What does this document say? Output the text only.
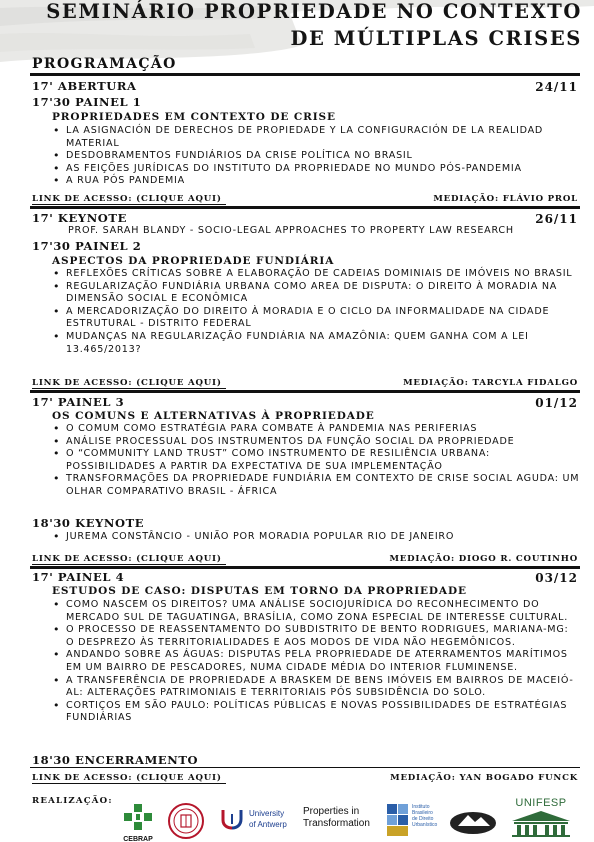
SEMINÁRIO PROPRIEDADE NO CONTEXTO
DE MÚLTIPLAS CRISES
PROGRAMAÇÃO
17' ABERTURA	24/11
17'30 PAINEL 1
PROPRIEDADES EM CONTEXTO DE CRISE
• LA ASIGNACIÓN DE DERECHOS DE PROPIEDADE Y LA CONFIGURACIÓN DE LA REALIDAD MATERIAL
• DESDOBRAMENTOS FUNDIÁRIOS DA CRISE POLÍTICA NO BRASIL
• AS FEIÇÕES JURÍDICAS DO INSTITUTO DA PROPRIEDADE NO MUNDO PÓS-PANDEMIA
• A RUA PÓS PANDEMIA
LINK DE ACESSO: (CLIQUE AQUI)	MEDIAÇÃO: FLÁVIO PROL
17' KEYNOTE	26/11
PROF. SARAH BLANDY - SOCIO-LEGAL APPROACHES TO PROPERTY LAW RESEARCH
17'30 PAINEL 2
ASPECTOS DA PROPRIEDADE FUNDIÁRIA
• REFLEXÕES CRÍTICAS SOBRE A ELABORAÇÃO DE CADEIAS DOMINIAIS DE IMÓVEIS NO BRASIL
• REGULARIZAÇÃO FUNDIÁRIA URBANA COMO AREA DE DISPUTA: O DIREITO À MORADIA NA DIMENSÃO SOCIAL E ECONÔMICA
• A MERCADORIZAÇÃO DO DIREITO À MORADIA E O CICLO DA INFORMALIDADE NA CIDADE ESTRUTURAL - DISTRITO FEDERAL
• MUDANÇAS NA REGULARIZAÇÃO FUNDIÁRIA NA AMAZÔNIA: QUEM GANHA COM A LEI 13.465/2013?
LINK DE ACESSO: (CLIQUE AQUI)	MEDIAÇÃO: TARCYLA FIDALGO
17' PAINEL 3	01/12
OS COMUNS E ALTERNATIVAS À PROPRIEDADE
• O COMUM COMO ESTRATÉGIA PARA COMBATE À PANDEMIA NAS PERIFERIAS
• ANÁLISE PROCESSUAL DOS INSTRUMENTOS DA FUNÇÃO SOCIAL DA PROPRIEDADE
• O “COMMUNITY LAND TRUST” COMO INSTRUMENTO DE RESILIÊNCIA URBANA: POSSIBILIDADES A PARTIR DA EXPECTATIVA DE SUA IMPLEMENTAÇÃO
• TRANSFORMAÇÕES DA PROPRIEDADE FUNDIÁRIA EM CONTEXTO DE CRISE SOCIAL AGUDA: UM OLHAR COMPARATIVO BRASIL - ÁFRICA
18'30 KEYNOTE
• JUREMA CONSTÂNCIO - UNIÃO POR MORADIA POPULAR RIO DE JANEIRO
LINK DE ACESSO: (CLIQUE AQUI)	MEDIAÇÃO: DIOGO R. COUTINHO
17' PAINEL 4	03/12
ESTUDOS DE CASO: DISPUTAS EM TORNO DA PROPRIEDADE
• COMO NASCEM OS DIREITOS? UMA ANÁLISE SOCIOJURÍDICA DO RECONHECIMENTO DO MERCADO SUL DE TAGUATINGA, BRASÍLIA, COMO ZONA ESPECIAL DE INTERESSE CULTURAL.
• O PROCESSO DE REASSENTAMENTO DO SUBDISTRITO DE BENTO RODRIGUES, MARIANA-MG: O DESPREZO ÀS TERRITORIALIDADES E AOS MODOS DE VIDA NÃO HEGEMÔNICOS.
• ANDANDO SOBRE AS ÁGUAS: DISPUTAS PELA PROPRIEDADE DE ATERRAMENTOS MARÍTIMOS EM UM BAIRRO DE PESCADORES, NUMA CIDADE MÉDIA DO INTERIOR FLUMINENSE.
• A TRANSFERÊNCIA DE PROPRIEDADE A BRASKEM DE BENS IMÓVEIS EM BAIRROS DE MACEIÓ-AL: ALTERAÇÕES PATRIMONIAIS E TERRITORIAIS PÓS SUBSIDÊNCIA DO SOLO.
• CORTIÇOS EM SÃO PAULO: POLÍTICAS PÚBLICAS E NOVAS POSSIBILIDADES DE ESTRATÉGIAS FUNDIÁRIAS
18'30 ENCERRAMENTO
LINK DE ACESSO: (CLIQUE AQUI)	MEDIAÇÃO: YAN BOGADO FUNCK
REALIZAÇÃO:
CEBRAP
University
of Antwerp
Properties in
Transformation
Instituto
Brasileiro
de Direito
Urbanístico
UNIFESP
